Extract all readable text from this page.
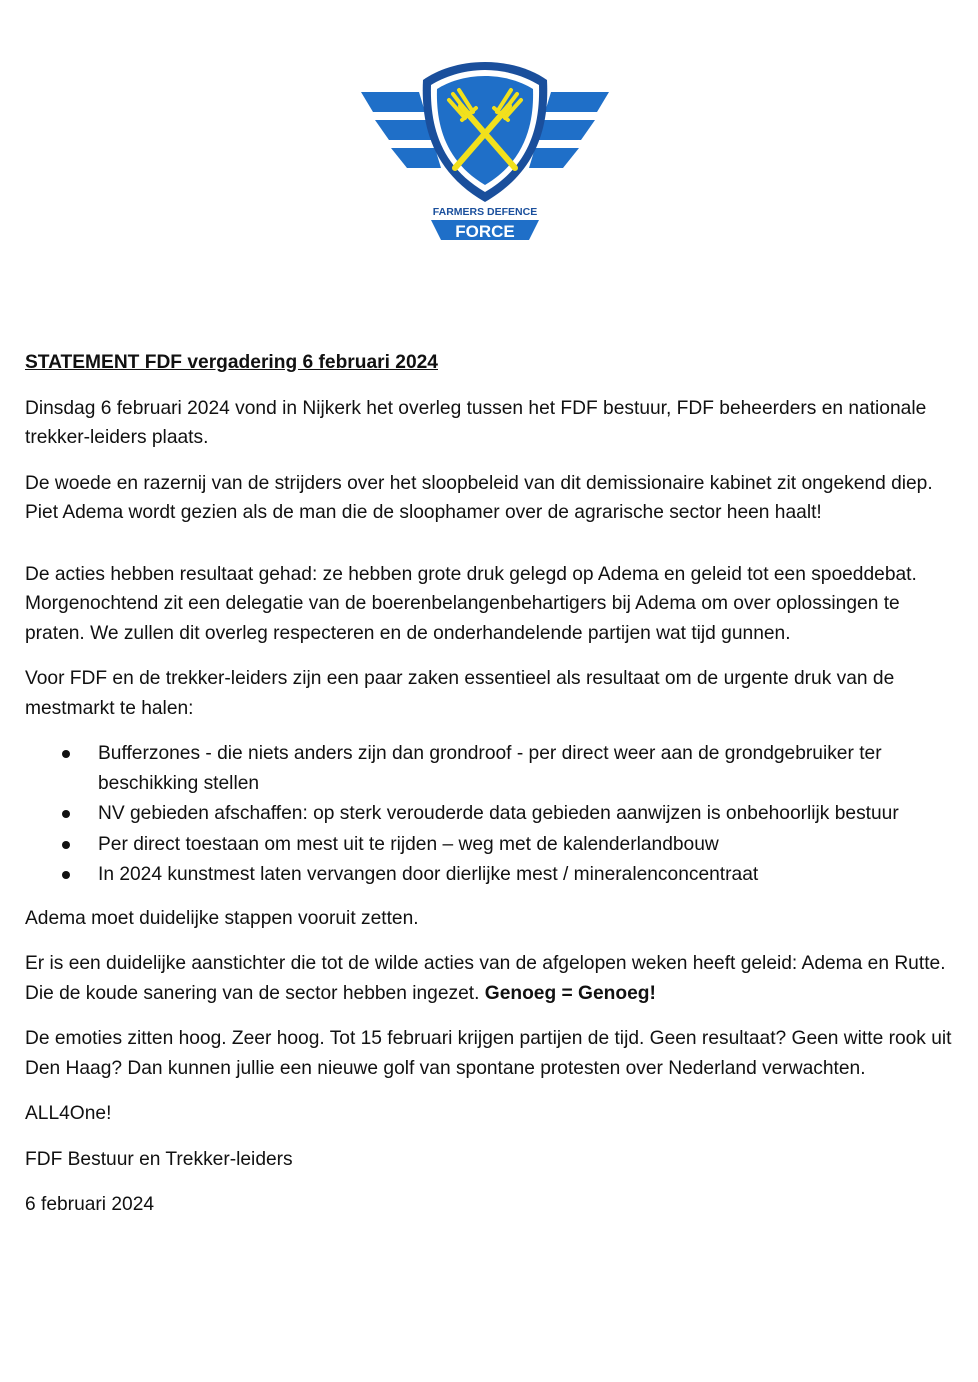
FARMERS DEFENCE
FORCE
STATEMENT FDF vergadering 6 februari 2024

Dinsdag 6 februari 2024 vond in Nijkerk het overleg tussen het FDF bestuur, FDF beheerders en nationale trekker-leiders plaats.

De woede en razernij van de strijders over het sloopbeleid van dit demissionaire kabinet zit ongekend diep. Piet Adema wordt gezien als de man die de sloophamer over de agrarische sector heen haalt!

De acties hebben resultaat gehad: ze hebben grote druk gelegd op Adema en geleid tot een spoeddebat. Morgenochtend zit een delegatie van de boerenbelangenbehartigers bij Adema om over oplossingen te praten. We zullen dit overleg respecteren en de onderhandelende partijen wat tijd gunnen.

Voor FDF en de trekker-leiders zijn een paar zaken essentieel als resultaat om de urgente druk van de mestmarkt te halen:

Bufferzones - die niets anders zijn dan grondroof - per direct weer aan de grondgebruiker ter beschikking stellen
NV gebieden afschaffen: op sterk verouderde data gebieden aanwijzen is onbehoorlijk bestuur
Per direct toestaan om mest uit te rijden – weg met de kalenderlandbouw
In 2024 kunstmest laten vervangen door dierlijke mest / mineralenconcentraat

Adema moet duidelijke stappen vooruit zetten.

Er is een duidelijke aanstichter die tot de wilde acties van de afgelopen weken heeft geleid: Adema en Rutte. Die de koude sanering van de sector hebben ingezet. Genoeg = Genoeg!

De emoties zitten hoog. Zeer hoog. Tot 15 februari krijgen partijen de tijd. Geen resultaat? Geen witte rook uit Den Haag? Dan kunnen jullie een nieuwe golf van spontane protesten over Nederland verwachten.

ALL4One!

FDF Bestuur en Trekker-leiders

6 februari 2024
